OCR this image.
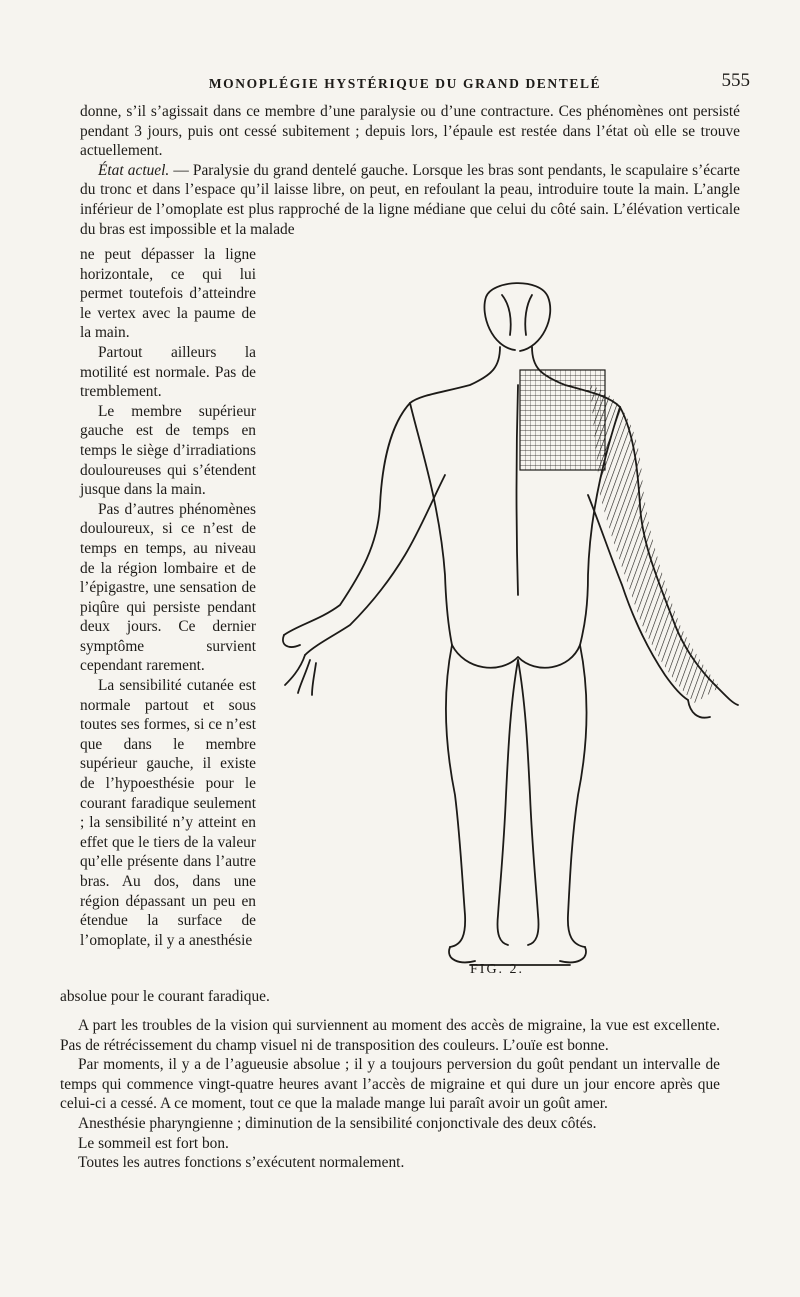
MONOPLÉGIE HYSTÉRIQUE DU GRAND DENTELÉ	555

donne, s’il s’agissait dans ce membre d’une paralysie ou d’une contracture. Ces phénomènes ont persisté pendant 3 jours, puis ont cessé subitement ; depuis lors, l’épaule est restée dans l’état où elle se trouve actuellement.

État actuel. — Paralysie du grand dentelé gauche. Lorsque les bras sont pendants, le scapulaire s’écarte du tronc et dans l’espace qu’il laisse libre, on peut, en refoulant la peau, introduire toute la main. L’angle inférieur de l’omoplate est plus rapproché de la ligne médiane que celui du côté sain. L’élévation verticale du bras est impossible et la malade

ne peut dépasser la ligne horizontale, ce qui lui permet toutefois d’atteindre le vertex avec la paume de la main.

Partout ailleurs la motilité est normale. Pas de tremblement.

Le membre supérieur gauche est de temps en temps le siège d’irradiations douloureuses qui s’étendent jusque dans la main.

Pas d’autres phénomènes douloureux, si ce n’est de temps en temps, au niveau de la région lombaire et de l’épigastre, une sensation de piqûre qui persiste pendant deux jours. Ce dernier symptôme survient cependant rarement.

La sensibilité cutanée est normale partout et sous toutes ses formes, si ce n’est que dans le membre supérieur gauche, il existe de l’hypoesthésie pour le courant faradique seulement ; la sensibilité n’y atteint en effet que le tiers de la valeur qu’elle présente dans l’autre bras. Au dos, dans une région dépassant un peu en étendue la surface de l’omoplate, il y a anesthésie

absolue pour le courant faradique.

FIG. 2.

A part les troubles de la vision qui surviennent au moment des accès de migraine, la vue est excellente. Pas de rétrécissement du champ visuel ni de transposition des couleurs. L’ouïe est bonne.

Par moments, il y a de l’agueusie absolue ; il y a toujours perversion du goût pendant un intervalle de temps qui commence vingt-quatre heures avant l’accès de migraine et qui dure un jour encore après que celui-ci a cessé. A ce moment, tout ce que la malade mange lui paraît avoir un goût amer.

Anesthésie pharyngienne ; diminution de la sensibilité conjonctivale des deux côtés.

Le sommeil est fort bon.

Toutes les autres fonctions s’exécutent normalement.
